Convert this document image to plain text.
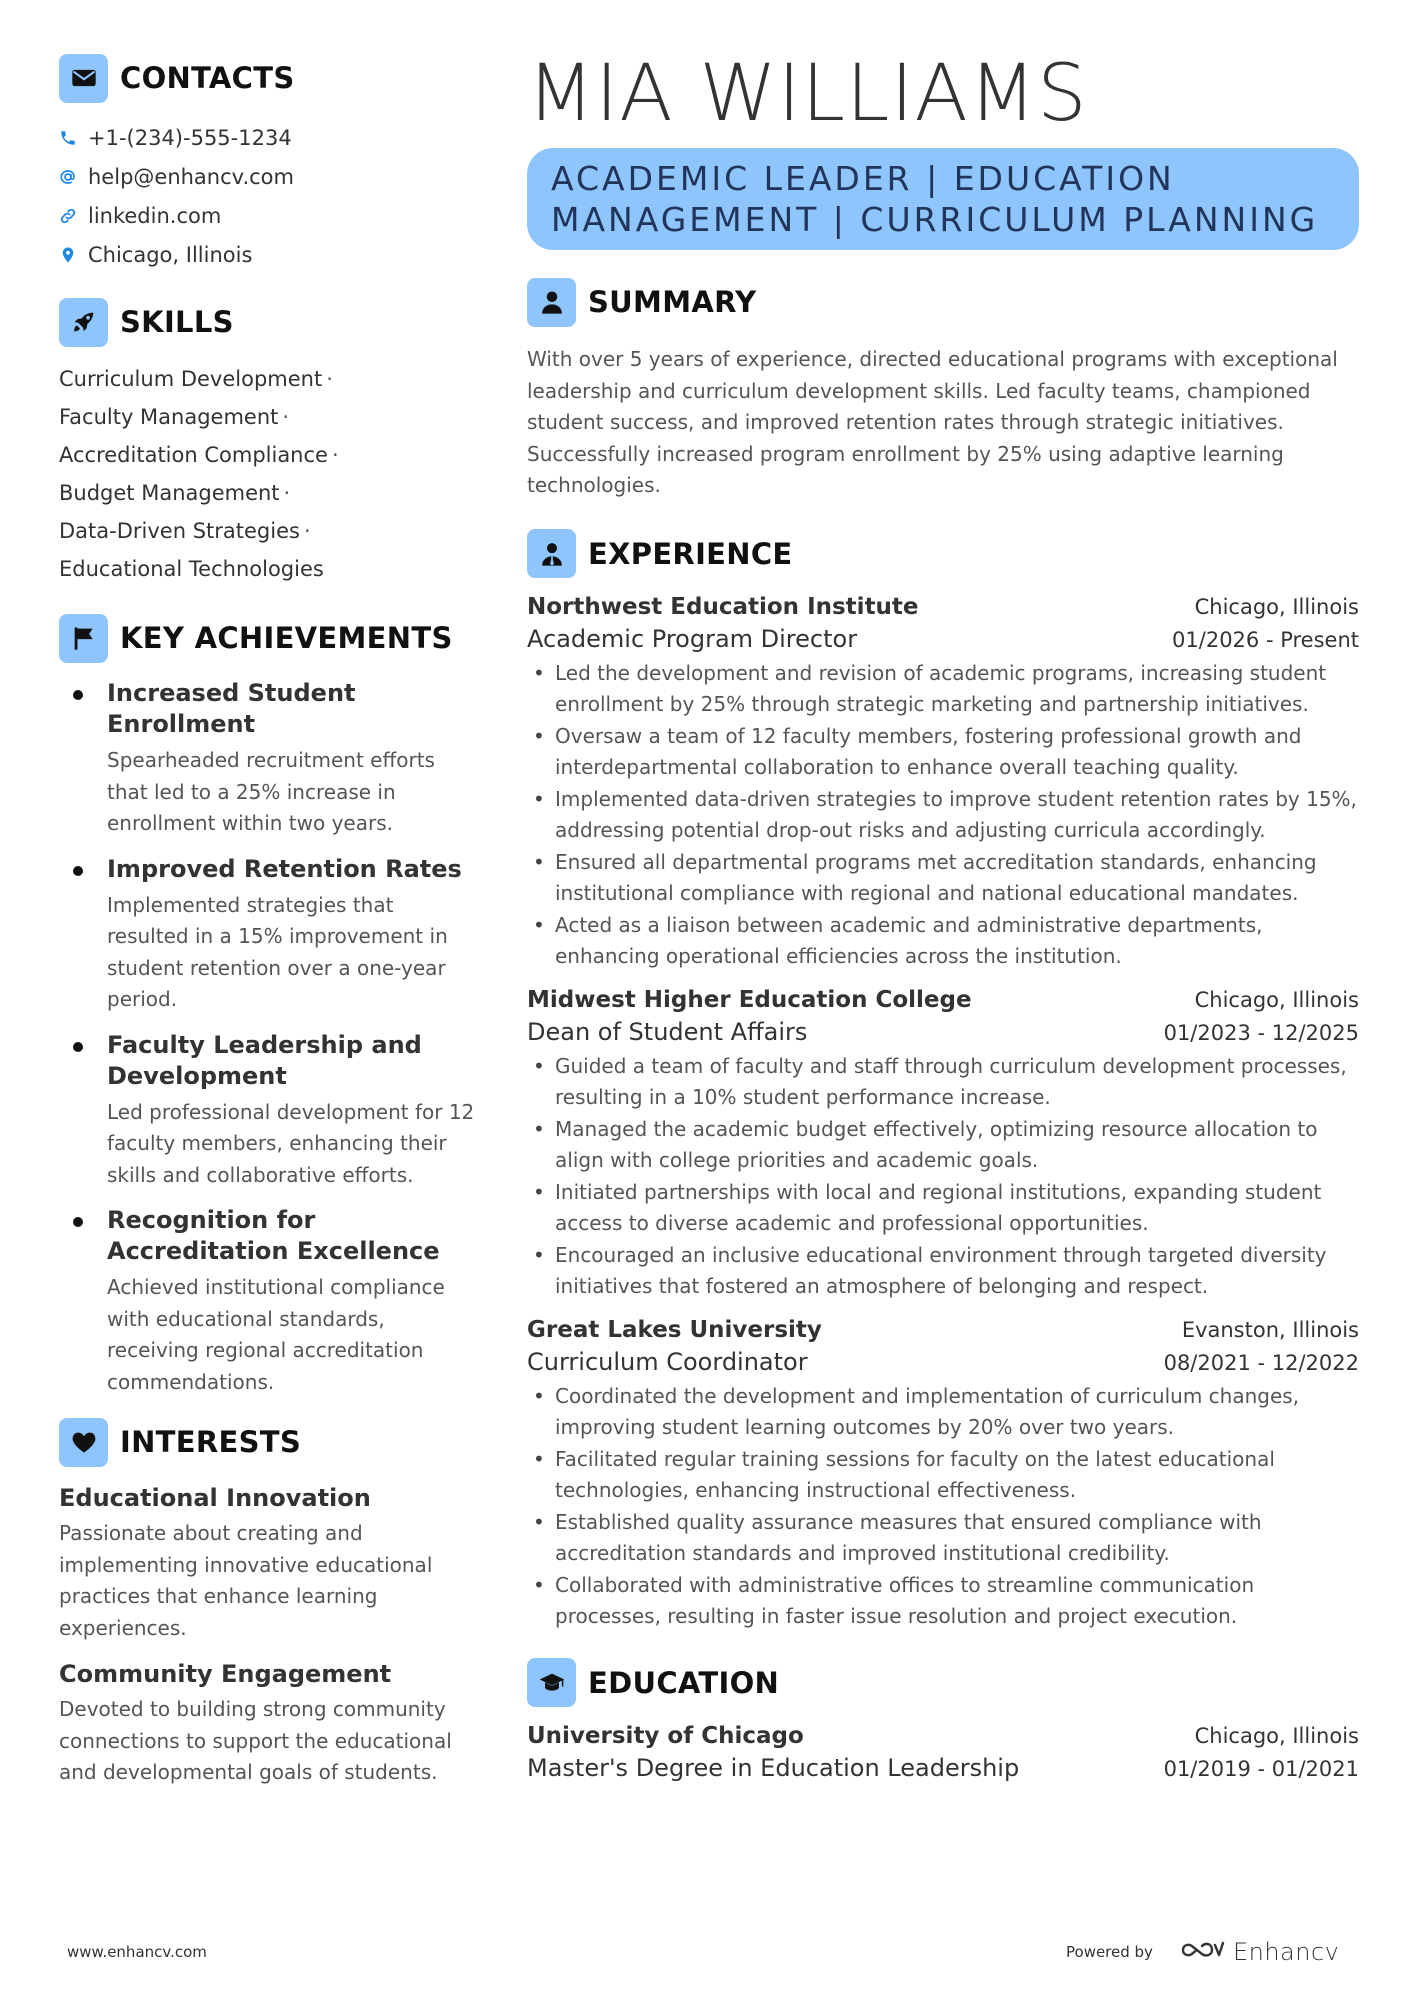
CONTACTS
+1-(234)-555-1234
help@enhancv.com
linkedin.com
Chicago, Illinois
SKILLS
Curriculum Development ·
Faculty Management ·
Accreditation Compliance ·
Budget Management ·
Data-Driven Strategies ·
Educational Technologies
KEY ACHIEVEMENTS
Increased Student Enrollment
Spearheaded recruitment efforts that led to a 25% increase in enrollment within two years.
Improved Retention Rates
Implemented strategies that resulted in a 15% improvement in student retention over a one-year period.
Faculty Leadership and Development
Led professional development for 12 faculty members, enhancing their skills and collaborative efforts.
Recognition for Accreditation Excellence
Achieved institutional compliance with educational standards, receiving regional accreditation commendations.
INTERESTS
Educational Innovation
Passionate about creating and implementing innovative educational practices that enhance learning experiences.
Community Engagement
Devoted to building strong community connections to support the educational and developmental goals of students.
MIA WILLIAMS
ACADEMIC LEADER | EDUCATION MANAGEMENT | CURRICULUM PLANNING
SUMMARY
With over 5 years of experience, directed educational programs with exceptional leadership and curriculum development skills. Led faculty teams, championed student success, and improved retention rates through strategic initiatives. Successfully increased program enrollment by 25% using adaptive learning technologies.
EXPERIENCE
Northwest Education Institute	Chicago, Illinois
Academic Program Director	01/2026 - Present
• Led the development and revision of academic programs, increasing student enrollment by 25% through strategic marketing and partnership initiatives.
• Oversaw a team of 12 faculty members, fostering professional growth and interdepartmental collaboration to enhance overall teaching quality.
• Implemented data-driven strategies to improve student retention rates by 15%, addressing potential drop-out risks and adjusting curricula accordingly.
• Ensured all departmental programs met accreditation standards, enhancing institutional compliance with regional and national educational mandates.
• Acted as a liaison between academic and administrative departments, enhancing operational efficiencies across the institution.
Midwest Higher Education College	Chicago, Illinois
Dean of Student Affairs	01/2023 - 12/2025
• Guided a team of faculty and staff through curriculum development processes, resulting in a 10% student performance increase.
• Managed the academic budget effectively, optimizing resource allocation to align with college priorities and academic goals.
• Initiated partnerships with local and regional institutions, expanding student access to diverse academic and professional opportunities.
• Encouraged an inclusive educational environment through targeted diversity initiatives that fostered an atmosphere of belonging and respect.
Great Lakes University	Evanston, Illinois
Curriculum Coordinator	08/2021 - 12/2022
• Coordinated the development and implementation of curriculum changes, improving student learning outcomes by 20% over two years.
• Facilitated regular training sessions for faculty on the latest educational technologies, enhancing instructional effectiveness.
• Established quality assurance measures that ensured compliance with accreditation standards and improved institutional credibility.
• Collaborated with administrative offices to streamline communication processes, resulting in faster issue resolution and project execution.
EDUCATION
University of Chicago	Chicago, Illinois
Master's Degree in Education Leadership	01/2019 - 01/2021
www.enhancv.com	Powered by	Enhancv
